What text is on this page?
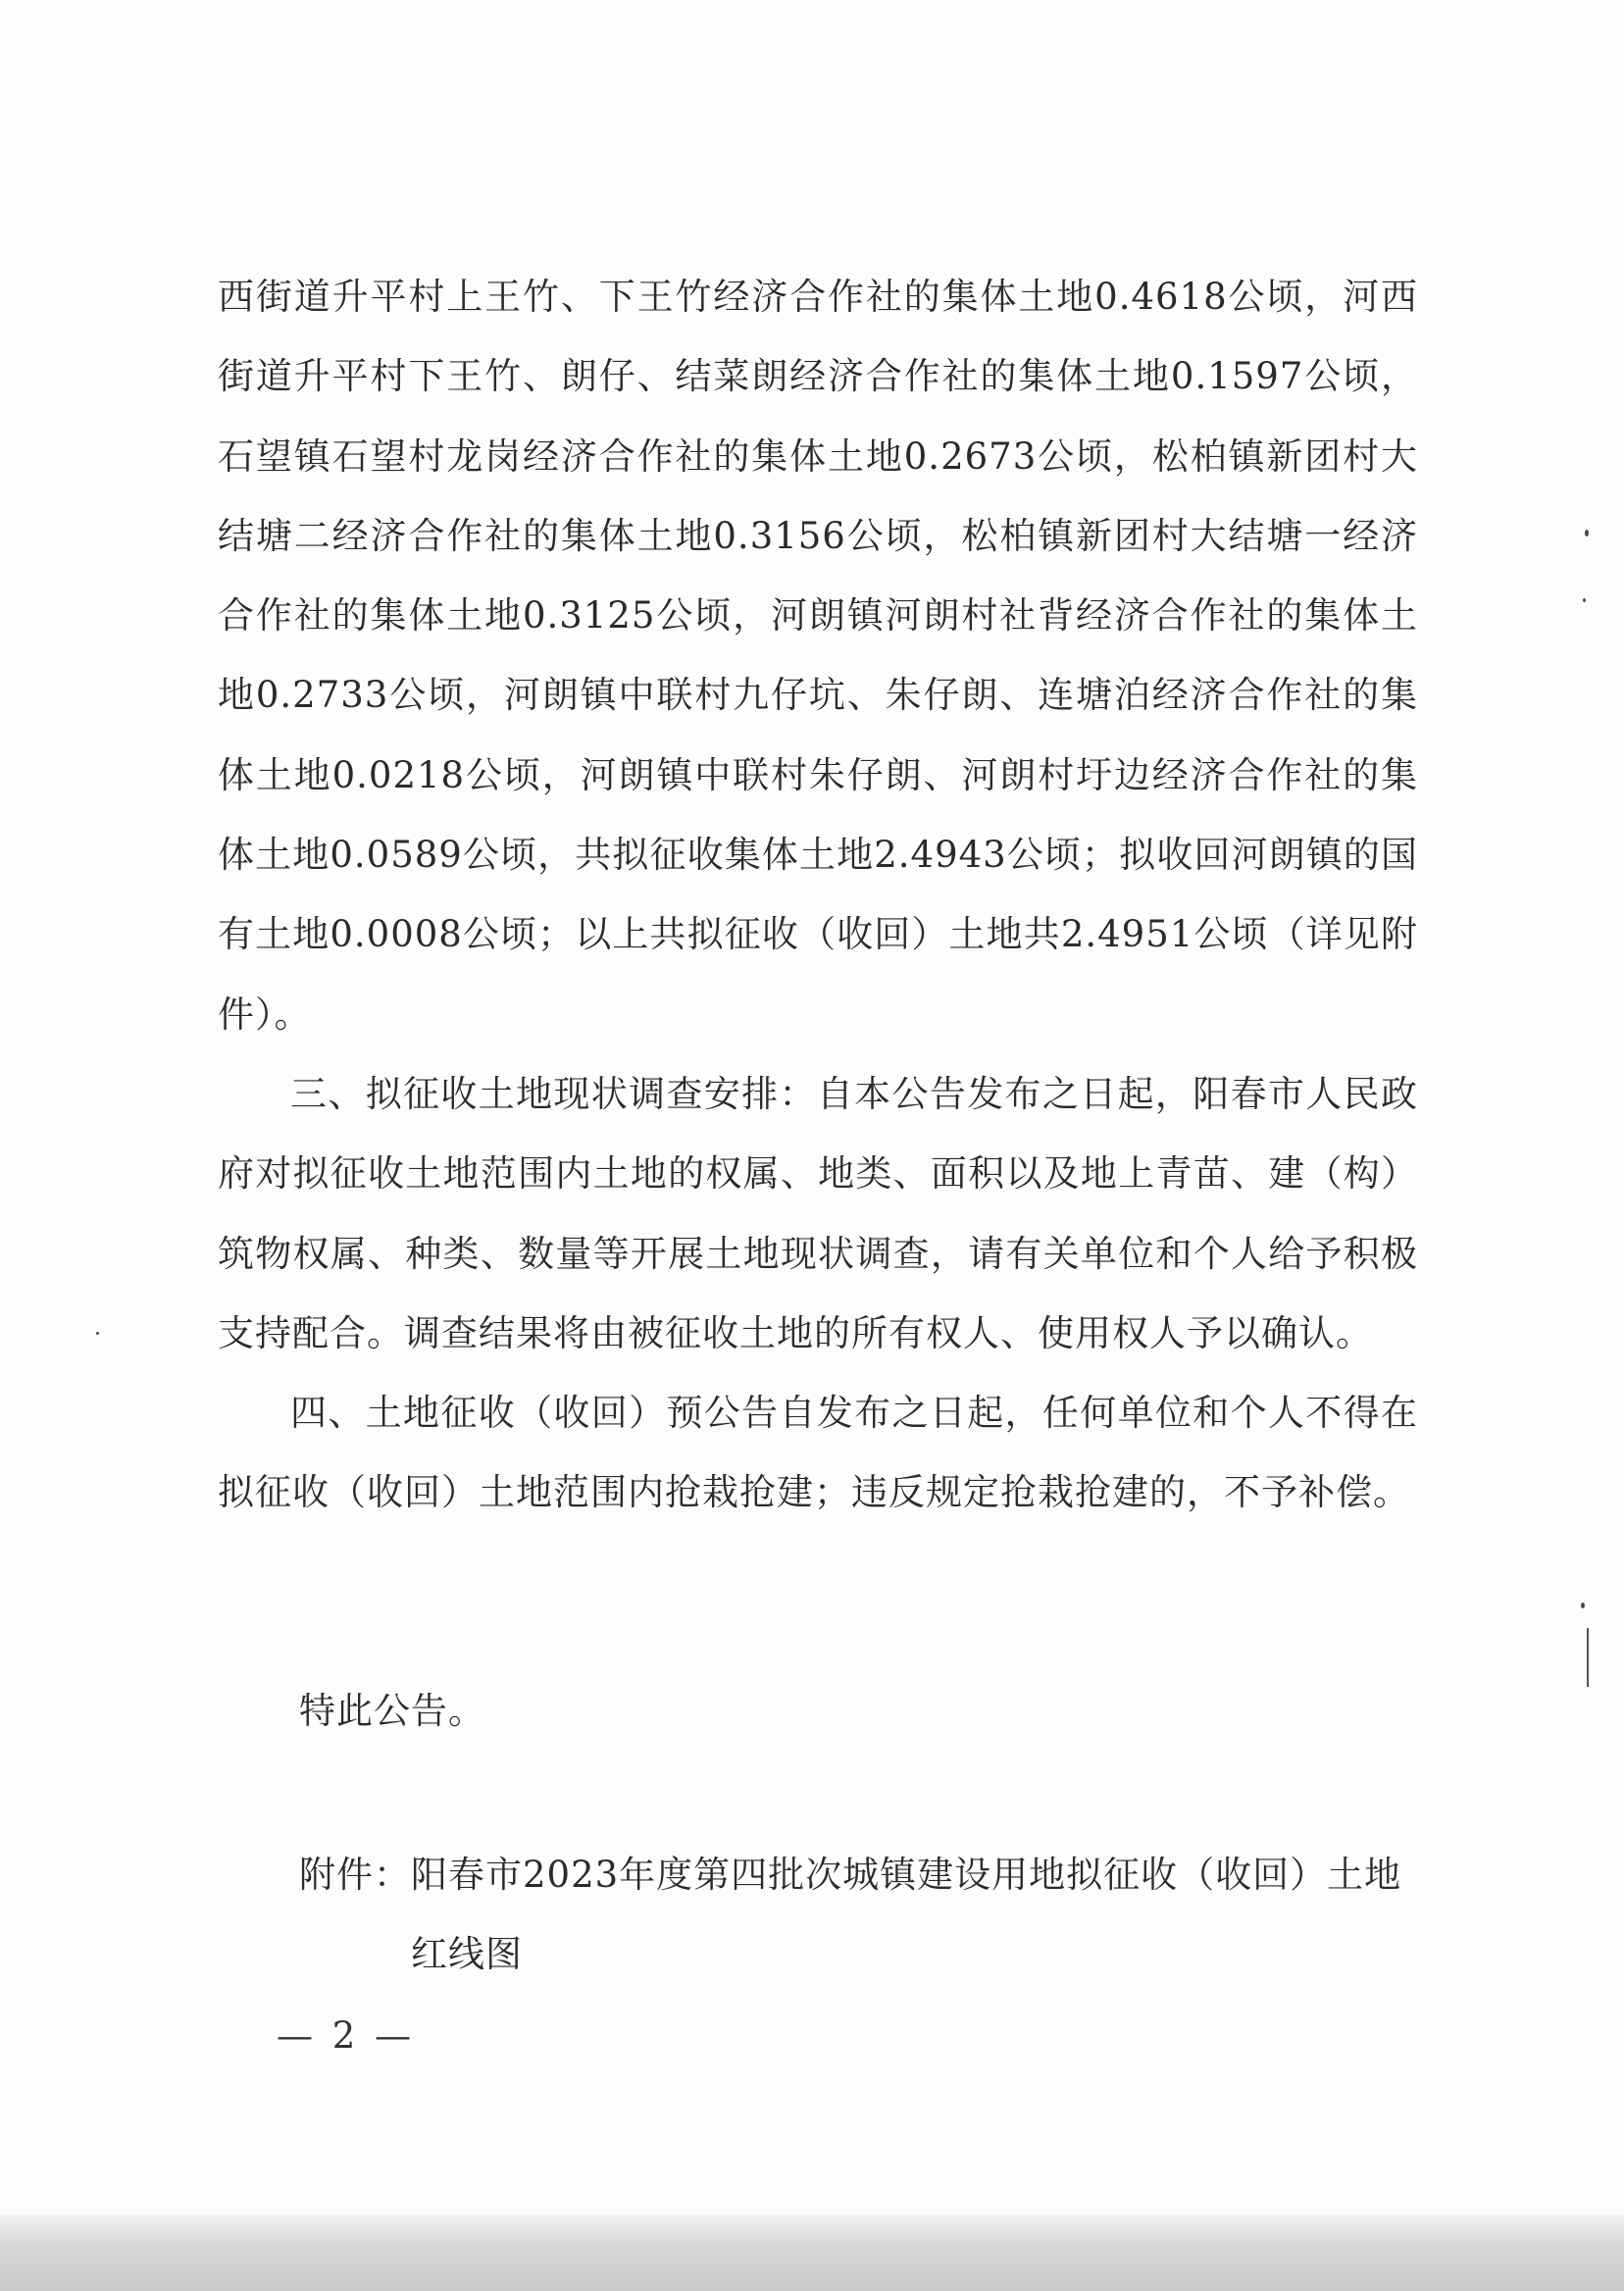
西街道升平村上王竹、下王竹经济合作社的集体土地0.4618公顷，河西街道升平村下王竹、朗仔、结菜朗经济合作社的集体土地0.1597公顷，石望镇石望村龙岗经济合作社的集体土地0.2673公顷，松柏镇新团村大结塘二经济合作社的集体土地0.3156公顷，松柏镇新团村大结塘一经济合作社的集体土地0.3125公顷，河朗镇河朗村社背经济合作社的集体土地0.2733公顷，河朗镇中联村九仔坑、朱仔朗、连塘泊经济合作社的集体土地0.0218公顷，河朗镇中联村朱仔朗、河朗村圩边经济合作社的集体土地0.0589公顷，共拟征收集体土地2.4943公顷；拟收回河朗镇的国有土地0.0008公顷；以上共拟征收（收回）土地共2.4951公顷（详见附件）。

三、拟征收土地现状调查安排：自本公告发布之日起，阳春市人民政府对拟征收土地范围内土地的权属、地类、面积以及地上青苗、建（构）筑物权属、种类、数量等开展土地现状调查，请有关单位和个人给予积极支持配合。调查结果将由被征收土地的所有权人、使用权人予以确认。

四、土地征收（收回）预公告自发布之日起，任何单位和个人不得在拟征收（收回）土地范围内抢栽抢建；违反规定抢栽抢建的，不予补偿。

特此公告。
附件： 阳春市2023年度第四批次城镇建设用地拟征收（收回）土地红线图
— 2 —
